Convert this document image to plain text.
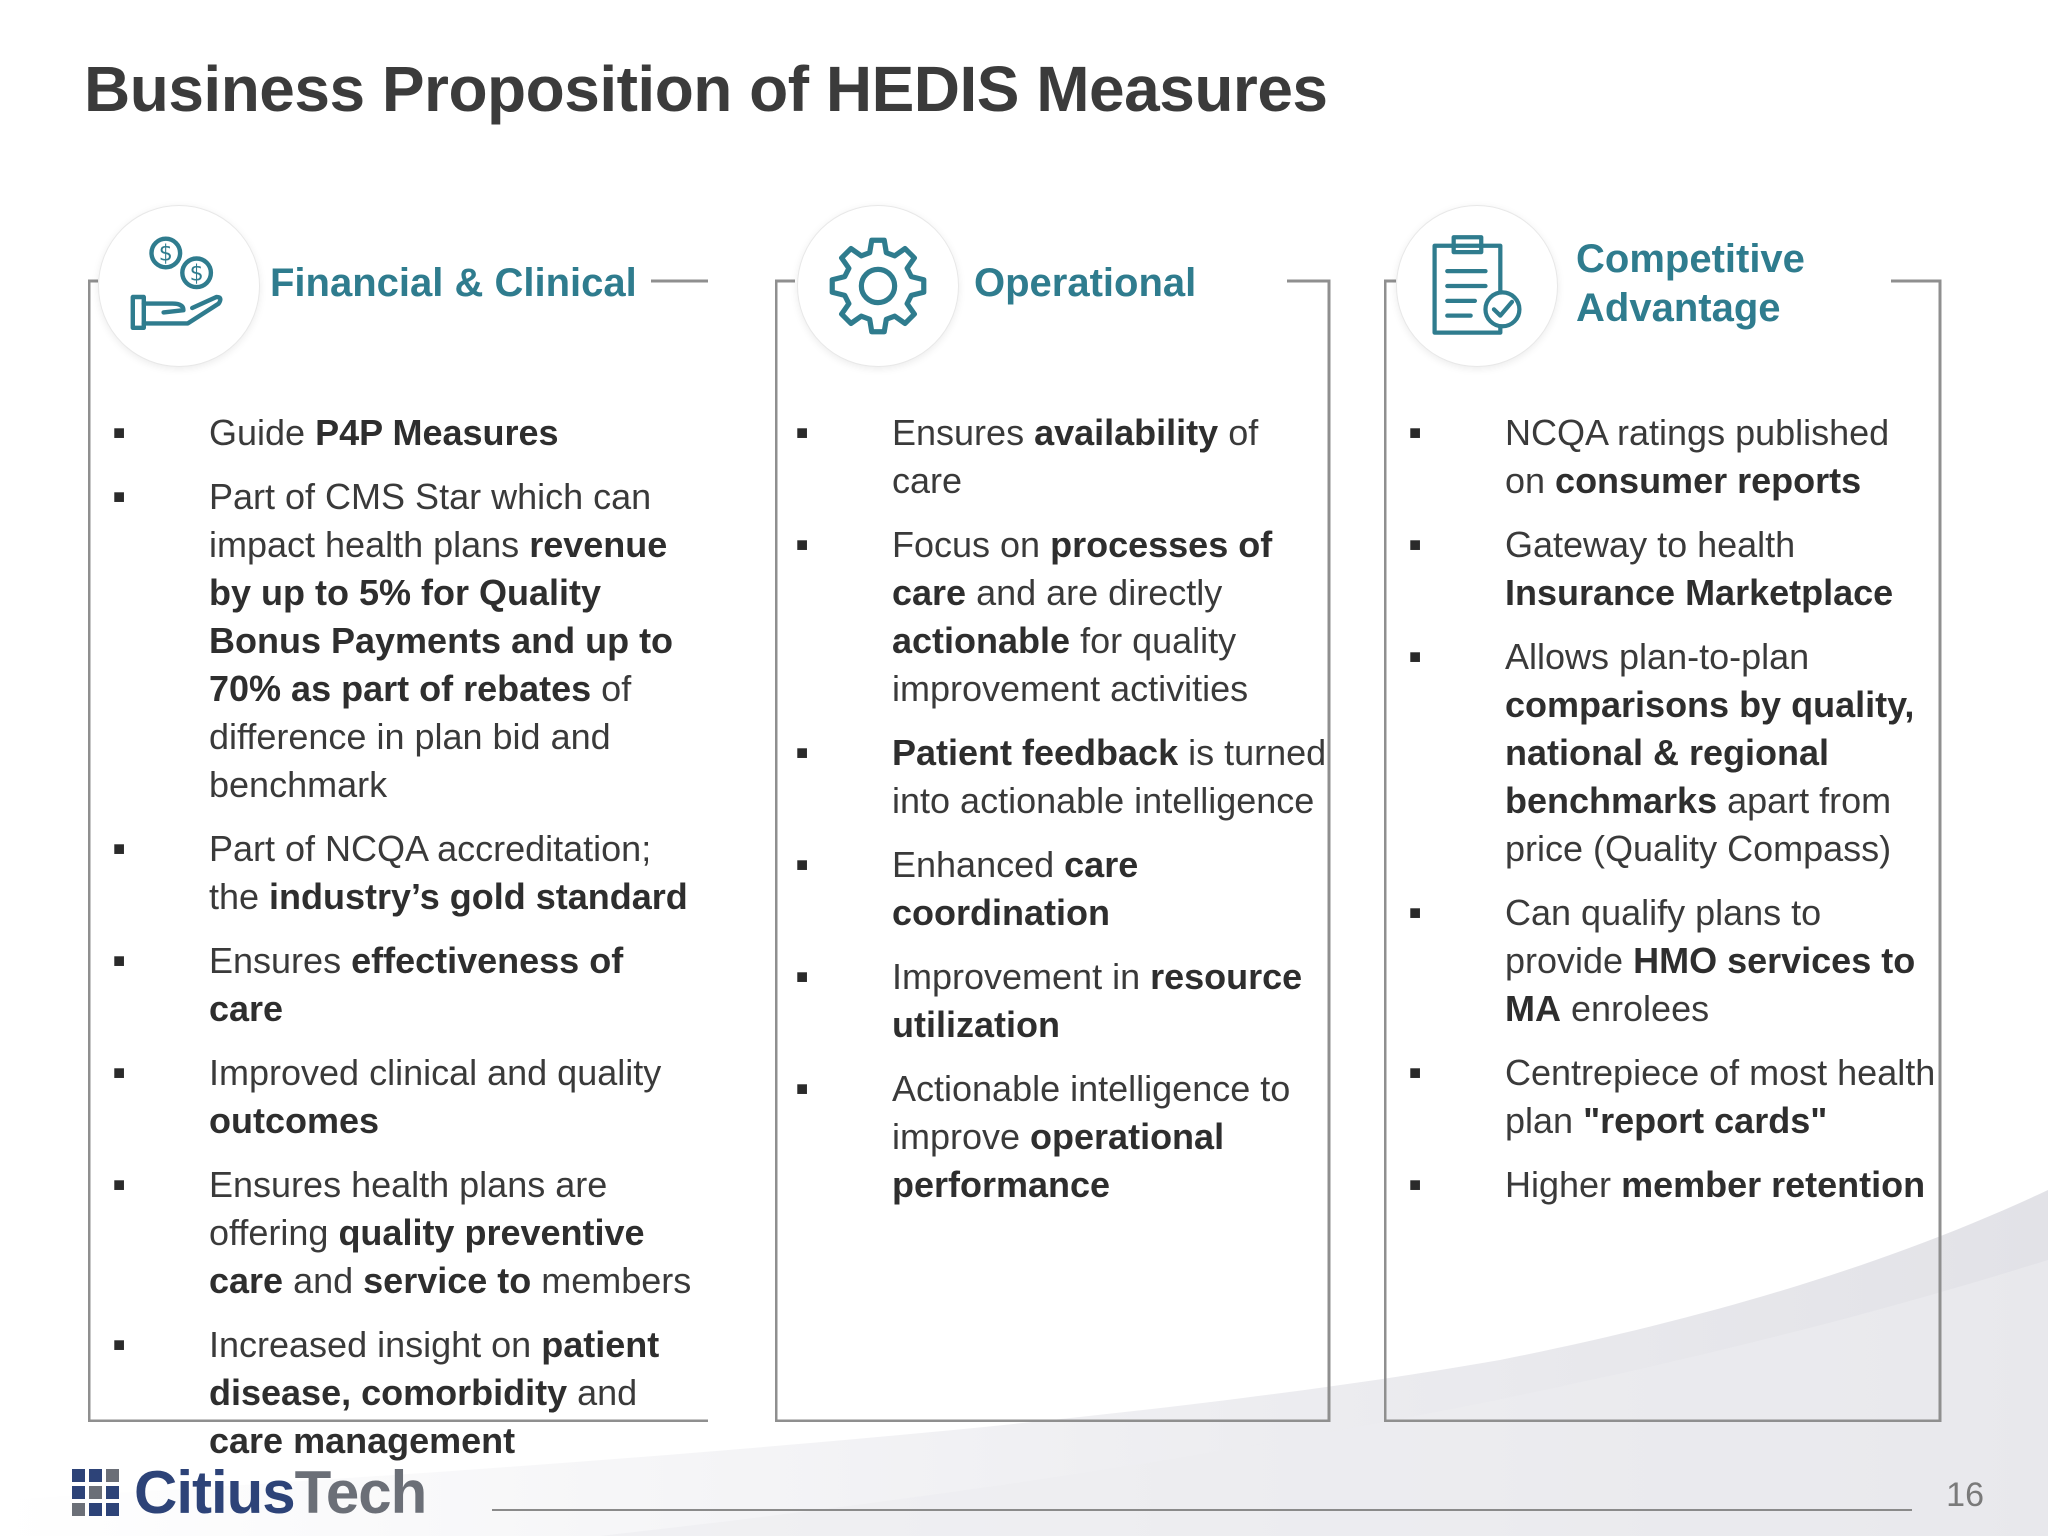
Business Proposition of HEDIS Measures
$
$ Financial & Clinical
■	Guide P4P Measures
■	Part of CMS Star which can impact health plans revenue by up to 5% for Quality Bonus Payments and up to 70% as part of rebates of difference in plan bid and benchmark
■	Part of NCQA accreditation; the industry’s gold standard
■	Ensures effectiveness of care
■	Improved clinical and quality outcomes
■	Ensures health plans are offering quality preventive care and service to members
■	Increased insight on patient disease, comorbidity and care management
Operational
■	Ensures availability of care
■	Focus on processes of care and are directly actionable for quality improvement activities
■	Patient feedback is turned into actionable intelligence
■	Enhanced care coordination
■	Improvement in resource utilization
■	Actionable intelligence to improve operational performance
Competitive Advantage
■	NCQA ratings published on consumer reports
■	Gateway to health Insurance Marketplace
■	Allows plan-to-plan comparisons by quality, national & regional benchmarks apart from price (Quality Compass)
■	Can qualify plans to provide HMO services to MA enrolees
■	Centrepiece of most health plan "report cards"
■	Higher member retention
CitiusTech	16
